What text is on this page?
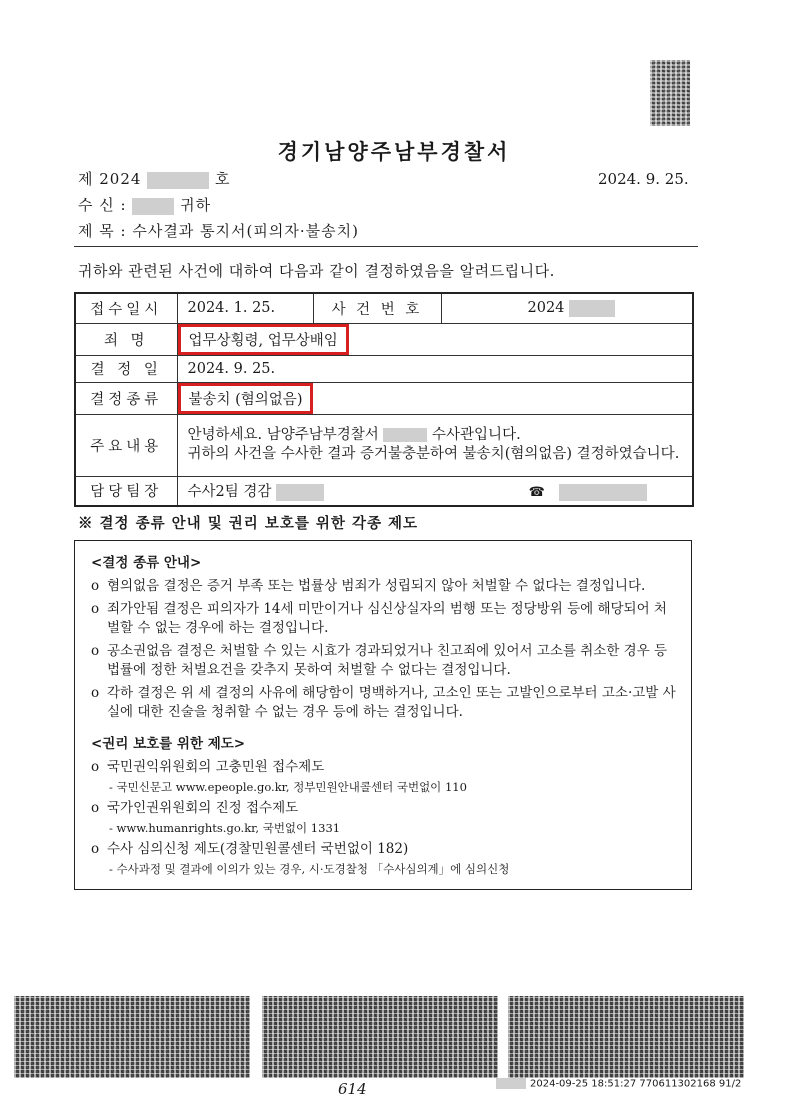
경기남양주남부경찰서
제 2024	호	2024. 9. 25.
수 신 :	귀하
제 목 : 수사결과 통지서(피의자·불송치)
귀하와 관련된 사건에 대하여 다음과 같이 결정하였음을 알려드립니다.
접수일시	2024. 1. 25.	사 건 번 호	2024
죄 명	업무상횡령, 업무상배임		
결 정 일	2024. 9. 25.		
결정종류	불송치 (혐의없음)		
주요내용	안녕하세요. 남양주남부경찰서 수사관입니다.
귀하의 사건을 수사한 결과 증거불충분하여 불송치(혐의없음) 결정하였습니다.		

담당팀장	수사2팀 경감 ☎		
※ 결정 종류 안내 및 권리 보호를 위한 각종 제도
<결정 종류 안내>
o 혐의없음 결정은 증거 부족 또는 법률상 범죄가 성립되지 않아 처벌할 수 없다는 결정입니다.
o 죄가안됨 결정은 피의자가 14세 미만이거나 심신상실자의 범행 또는 정당방위 등에 해당되어 처벌할 수 없는 경우에 하는 결정입니다.
o 공소권없음 결정은 처벌할 수 있는 시효가 경과되었거나 친고죄에 있어서 고소를 취소한 경우 등 법률에 정한 처벌요건을 갖추지 못하여 처벌할 수 없다는 결정입니다.
o 각하 결정은 위 세 결정의 사유에 해당함이 명백하거나, 고소인 또는 고발인으로부터 고소·고발 사실에 대한 진술을 청취할 수 없는 경우 등에 하는 결정입니다.
<권리 보호를 위한 제도>
o 국민권익위원회의 고충민원 접수제도
- 국민신문고 www.epeople.go.kr, 정부민원안내콜센터 국번없이 110
o 국가인권위원회의 진정 접수제도
- www.humanrights.go.kr, 국번없이 1331
o 수사 심의신청 제도(경찰민원콜센터 국번없이 182)
- 수사과정 및 결과에 이의가 있는 경우, 시·도경찰청 「수사심의계」에 심의신청
614	2024-09-25 18:51:27 770611302168 91/2
